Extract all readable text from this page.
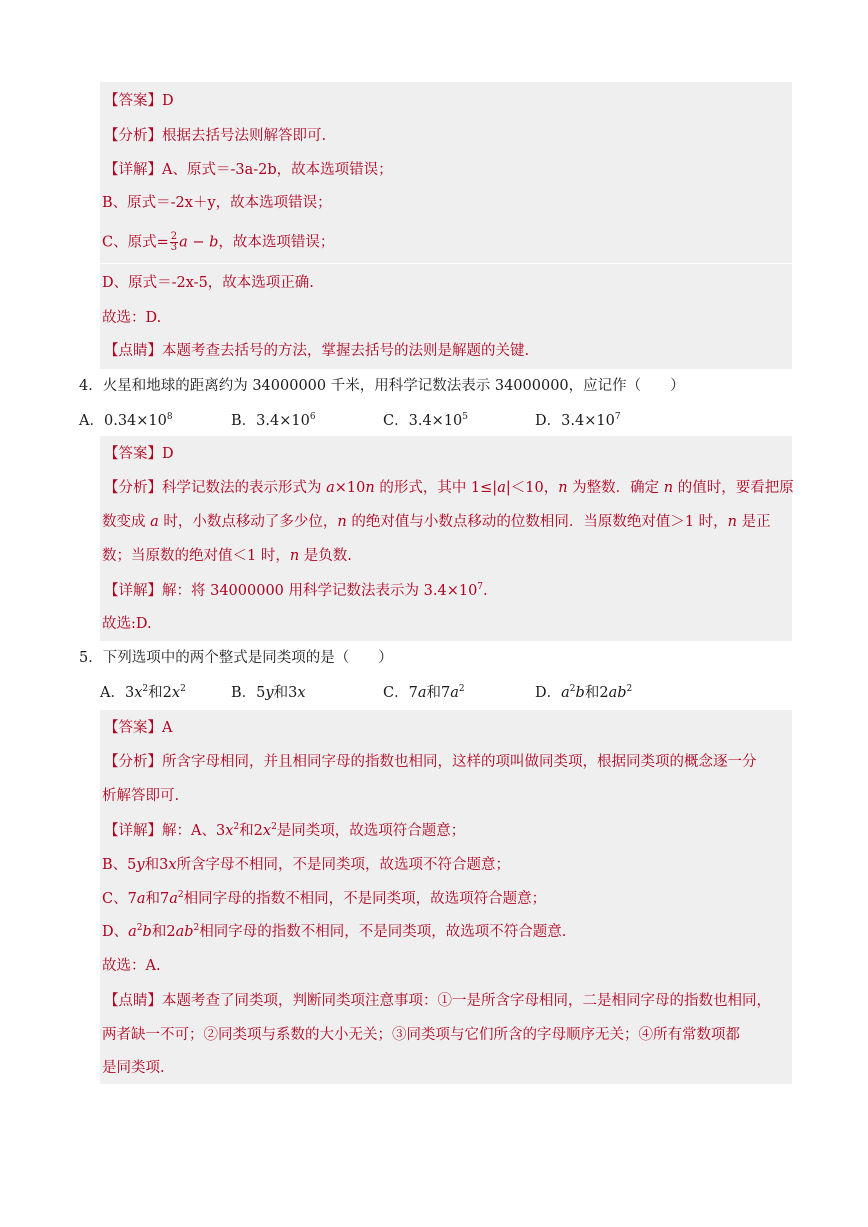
【答案】D
【分析】根据去括号法则解答即可.
【详解】A、原式＝-3a-2b，故本选项错误；
B、原式＝-2x＋y，故本选项错误；
C、原式= $\frac{2}{3}$ a − b，故本选项错误；
D、原式＝-2x-5，故本选项正确.
故选：D.
【点睛】本题考查去括号的方法，掌握去括号的法则是解题的关键.
4．火星和地球的距离约为 34000000 千米，用科学记数法表示 34000000，应记作（　　）
A．$0.34\times 10^8$	B．$3.4\times 10^6$	C．$3.4\times 10^5$	D．$3.4\times 10^7$
【答案】D
【分析】科学记数法的表示形式为 a×10n 的形式，其中 1≤|a|＜10，n 为整数．确定 n 的值时，要看把原
数变成 a 时，小数点移动了多少位，n 的绝对值与小数点移动的位数相同．当原数绝对值＞1 时，n 是正
数；当原数的绝对值＜1 时，n 是负数.
【详解】解：将 34000000 用科学记数法表示为 $3.4\times 10^7$.
故选:D.
5．下列选项中的两个整式是同类项的是（　　）
A．$3x^2$和$2x^2$	B．5y和3x	C．7a和$7a^2$	D．$a^2b$和$2ab^2$
【答案】A
【分析】所含字母相同，并且相同字母的指数也相同，这样的项叫做同类项，根据同类项的概念逐一分
析解答即可.
【详解】解：A、$3x^2$和$2x^2$是同类项，故选项符合题意；
B、5y和3x所含字母不相同，不是同类项，故选项不符合题意；
C、7a和$7a^2$相同字母的指数不相同，不是同类项，故选项符合题意；
D、$a^2b$和$2ab^2$相同字母的指数不相同，不是同类项，故选项不符合题意.
故选：A.
【点睛】本题考查了同类项，判断同类项注意事项：①一是所含字母相同，二是相同字母的指数也相同，
两者缺一不可；②同类项与系数的大小无关；③同类项与它们所含的字母顺序无关；④所有常数项都
是同类项.
